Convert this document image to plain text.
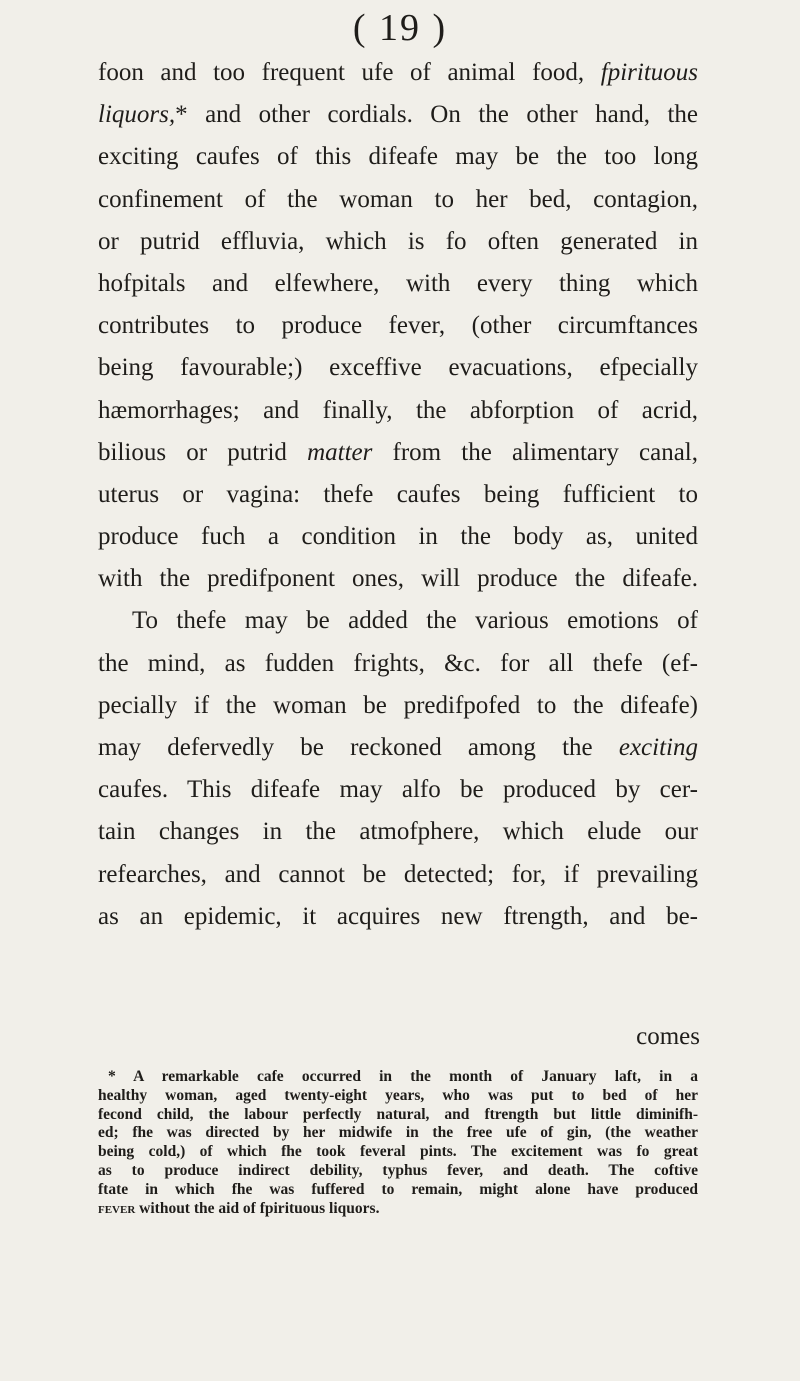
( 19 )
foon and too frequent ufe of animal food, fpirituous
liquors,* and other cordials. On the other hand, the
exciting caufes of this difeafe may be the too long
confinement of the woman to her bed, contagion,
or putrid effluvia, which is fo often generated in
hofpitals and elfewhere, with every thing which
contributes to produce fever, (other circumftances
being favourable;) exceffive evacuations, efpecially
hæmorrhages; and finally, the abforption of acrid,
bilious or putrid matter from the alimentary canal,
uterus or vagina: thefe caufes being fufficient to
produce fuch a condition in the body as, united
with the predifponent ones, will produce the difeafe.
To thefe may be added the various emotions of
the mind, as fudden frights, &c. for all thefe (ef-
pecially if the woman be predifpofed to the difeafe)
may defervedly be reckoned among the exciting
caufes. This difeafe may alfo be produced by cer-
tain changes in the atmofphere, which elude our
refearches, and cannot be detected; for, if prevailing
as an epidemic, it acquires new ftrength, and be-
comes
* A remarkable cafe occurred in the month of January laft, in a
healthy woman, aged twenty-eight years, who was put to bed of her
fecond child, the labour perfectly natural, and ftrength but little diminifh-
ed; fhe was directed by her midwife in the free ufe of gin, (the weather
being cold,) of which fhe took feveral pints. The excitement was fo great
as to produce indirect debility, typhus fever, and death. The coftive
ftate in which fhe was fuffered to remain, might alone have produced
fever without the aid of fpirituous liquors.
